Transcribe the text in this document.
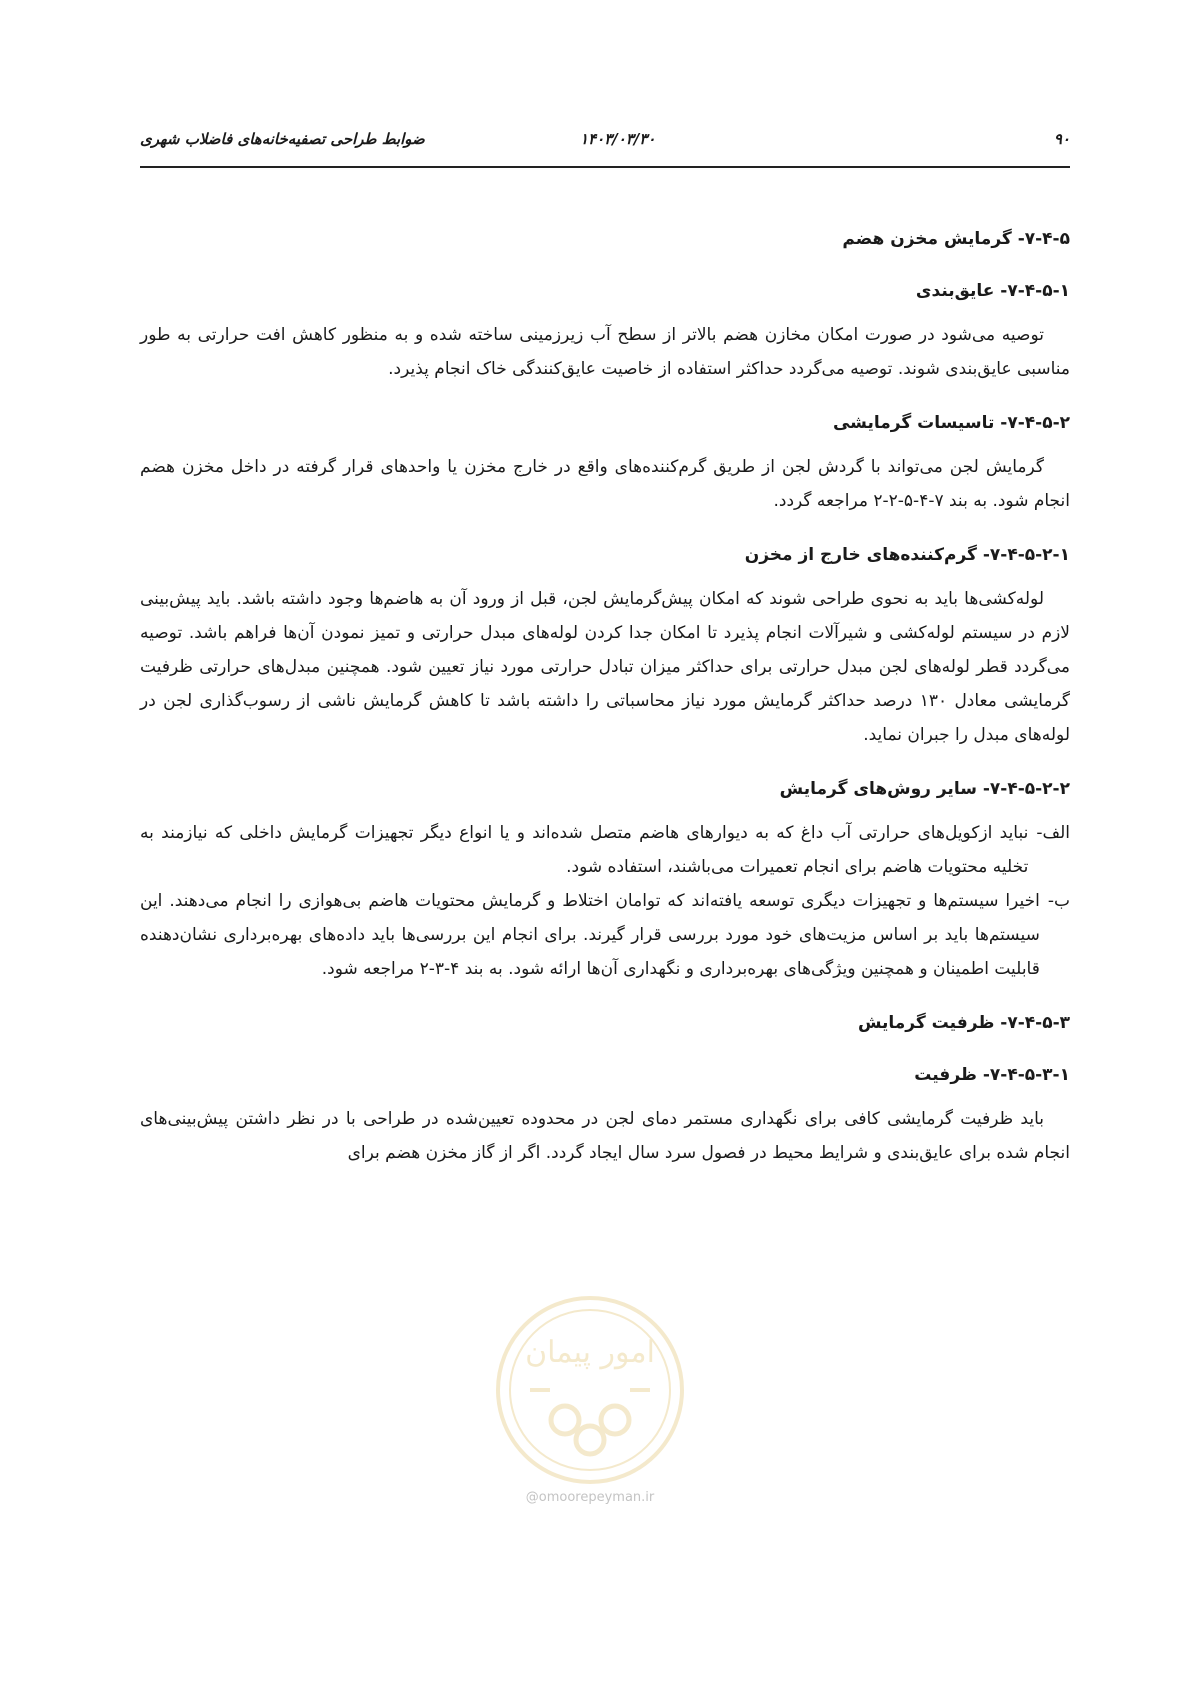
۹۰
۱۴۰۳/۰۳/۳۰
ضوابط طراحی تصفیه‌خانه‌های فاضلاب شهری
۷-۴-۵- گرمایش مخزن هضم
۷-۴-۵-۱- عایق‌بندی

توصیه می‌شود در صورت امکان مخازن هضم بالاتر از سطح آب زیرزمینی ساخته شده و به منظور کاهش افت حرارتی به طور مناسبی عایق‌بندی شوند. توصیه می‌گردد حداکثر استفاده از خاصیت عایق‌کنندگی خاک انجام پذیرد.

۷-۴-۵-۲- تاسیسات گرمایشی

گرمایش لجن می‌تواند با گردش لجن از طریق گرم‌کننده‌های واقع در خارج مخزن یا واحدهای قرار گرفته در داخل مخزن هضم انجام شود. به بند ۷-۴-۵-۲-۲ مراجعه گردد.

۷-۴-۵-۲-۱- گرم‌کننده‌های خارج از مخزن

لوله‌کشی‌ها باید به نحوی طراحی شوند که امکان پیش‌گرمایش لجن، قبل از ورود آن به هاضم‌ها وجود داشته باشد. باید پیش‌بینی لازم در سیستم لوله‌کشی و شیرآلات انجام پذیرد تا امکان جدا کردن لوله‌های مبدل حرارتی و تمیز نمودن آن‌ها فراهم باشد. توصیه می‌گردد قطر لوله‌های لجن مبدل حرارتی برای حداکثر میزان تبادل حرارتی مورد نیاز تعیین شود. همچنین مبدل‌های حرارتی ظرفیت گرمایشی معادل ۱۳۰ درصد حداکثر گرمایش مورد نیاز محاسباتی را داشته باشد تا کاهش گرمایش ناشی از رسوب‌گذاری لجن در لوله‌های مبدل را جبران نماید.

۷-۴-۵-۲-۲- سایر روش‌های گرمایش
الف-
نباید ازکویل‌های حرارتی آب داغ که به دیوارهای هاضم متصل شده‌اند و یا انواع دیگر تجهیزات گرمایش داخلی که نیازمند به تخلیه محتویات هاضم برای انجام تعمیرات می‌باشند، استفاده شود.
ب-
اخیرا سیستم‌ها و تجهیزات دیگری توسعه یافته‌اند که توامان اختلاط و گرمایش محتویات هاضم بی‌هوازی را انجام می‌دهند. این سیستم‌ها باید بر اساس مزیت‌های خود مورد بررسی قرار گیرند. برای انجام این بررسی‌ها باید داده‌های بهره‌برداری نشان‌دهنده قابلیت اطمینان و همچنین ویژگی‌های بهره‌برداری و نگهداری آن‌ها ارائه شود. به بند ۴-۳-۲ مراجعه شود.
۷-۴-۵-۳- ظرفیت گرمایش
۷-۴-۵-۳-۱- ظرفیت

باید ظرفیت گرمایشی کافی برای نگهداری مستمر دمای لجن در محدوده تعیین‌شده در طراحی با در نظر داشتن پیش‌بینی‌های انجام شده برای عایق‌بندی و شرایط محیط در فصول سرد سال ایجاد گردد. اگر از گاز مخزن هضم برای

امور پیمان
@omoorepeyman.ir
